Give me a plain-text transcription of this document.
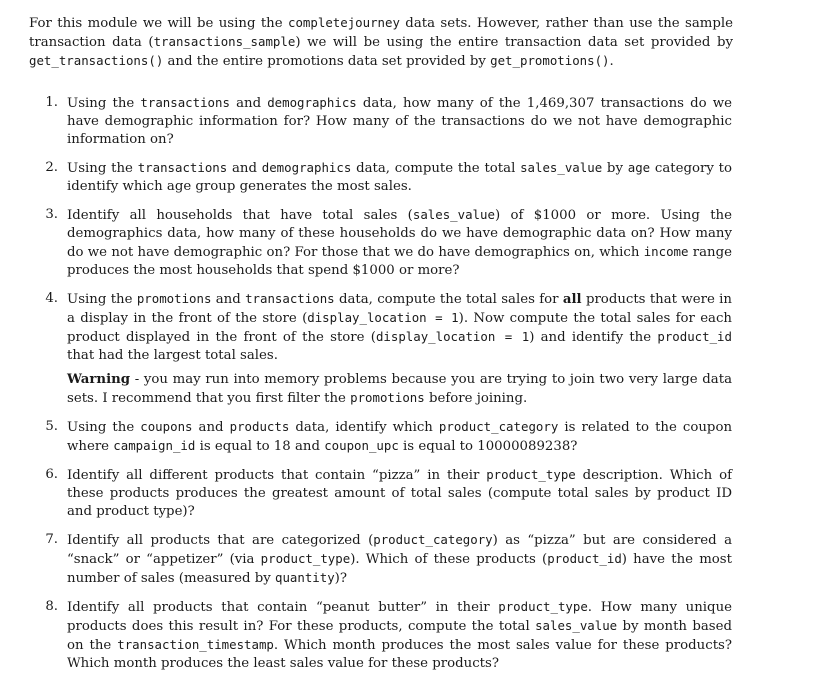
For this module we will be using the completejourney data sets. However, rather than use the sample transaction data (transactions_sample) we will be using the entire transaction data set provided by get_transactions() and the entire promotions data set provided by get_promotions().

1. Using the transactions and demographics data, how many of the 1,469,307 transactions do we have demographic information for? How many of the transactions do we not have demographic information on?

2. Using the transactions and demographics data, compute the total sales_value by age category to identify which age group generates the most sales.

3. Identify all households that have total sales (sales_value) of $1000 or more. Using the demographics data, how many of these households do we have demographic data on? How many do we not have demographic on? For those that we do have demographics on, which income range produces the most households that spend $1000 or more?

4. Using the promotions and transactions data, compute the total sales for all products that were in a display in the front of the store (display_location = 1). Now compute the total sales for each product displayed in the front of the store (display_location = 1) and identify the product_id that had the largest total sales.

Warning - you may run into memory problems because you are trying to join two very large data sets. I recommend that you first filter the promotions before joining.

5. Using the coupons and products data, identify which product_category is related to the coupon where campaign_id is equal to 18 and coupon_upc is equal to 10000089238?

6. Identify all different products that contain “pizza” in their product_type description. Which of these products produces the greatest amount of total sales (compute total sales by product ID and product type)?

7. Identify all products that are categorized (product_category) as “pizza” but are considered a “snack” or “appetizer” (via product_type). Which of these products (product_id) have the most number of sales (measured by quantity)?

8. Identify all products that contain “peanut butter” in their product_type. How many unique products does this result in? For these products, compute the total sales_value by month based on the transaction_timestamp. Which month produces the most sales value for these products? Which month produces the least sales value for these products?
